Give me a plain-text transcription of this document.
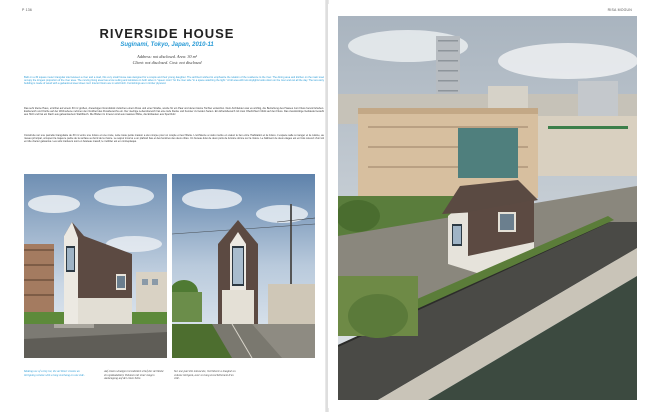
P 136
RIVERSIDE HOUSE
Suginami, Tokyo, Japan, 2010-11
Address: not disclosed. Area: 30 m²
Client: not disclosed. Cost: not disclosed
Built on a 30 square meter triangular site between a river and a road, this very small house was designed for a couple and their young daughter. The architect wished to emphasize the relation of the residence to the river. The dining area and kitchen on the main level occupy the longest proportion of the river area. The curving living area has a low ceiling and windows on both sides in "queen room" for the river side "in a space watching the light." A full area with two skylights looks down on the river and out all the day. The two-story building is made of wood with a galvanized steel sheet roof. Interior floors are in solid birch. Furnishings are in timber plywood.
Das sehr kleine Haus, errichtet auf einem 30 m² großen, dreieckigen Grundstück zwischen einem Fluss und einer Straße, wurde für ein Paar und deren kleine Tochter entworfen. Dem Architekten war es wichtig, die Beziehung des Hauses zum Fluss hervorzuheben. Essbereich und Küche auf der Wohnebene nehmen den Großteil des Flussbereichs ein. Der niedrige Lebensbereich hat eine tiefe Decke und Fenster zu beiden Seiten. Ein Arbeitsbereich mit zwei Oberlichtern blickt auf den Fluss. Das zweistöckige Gebäude besteht aus Holz und hat ein Dach aus galvanisiertem Stahlblech. Die Böden im Inneren sind aus massiver Birke, die Einbauten aus Sperrholz.
Construite sur une parcelle triangulaire de 30 m² entre une rivière et une route, cette toute petite maison a été conçue pour un couple et leur fillette. L'architecte a voulu mettre en valeur le lien entre l'habitation et la rivière. L'espace salle à manger et la cuisine, au niveau principal, occupent la majeure partie de la surface au bord de la rivière. Le séjour incurvé a un plafond bas et des fenêtres des deux côtés. Un bureau doté de deux puits de lumière donne sur la rivière. Le bâtiment de deux étages est en bois couvert d'un toit en tôle d'acier galvanisé. Les sols intérieurs sont en bouleau massif, le mobilier est en contreplaqué.
Making use of a tiny lot, the architect creates an intriguing volume with a long overhang on one side.
Auf einem winzigen Grundstück schuf der Architekt ein spektakuläres Volumen mit einer langen Auskragung auf der einen Seite.
Sur une parcelle minuscule, l'architecte a imaginé un volume intrigant, avec un long encorbellement d'un côté.
RISA MOGUN
